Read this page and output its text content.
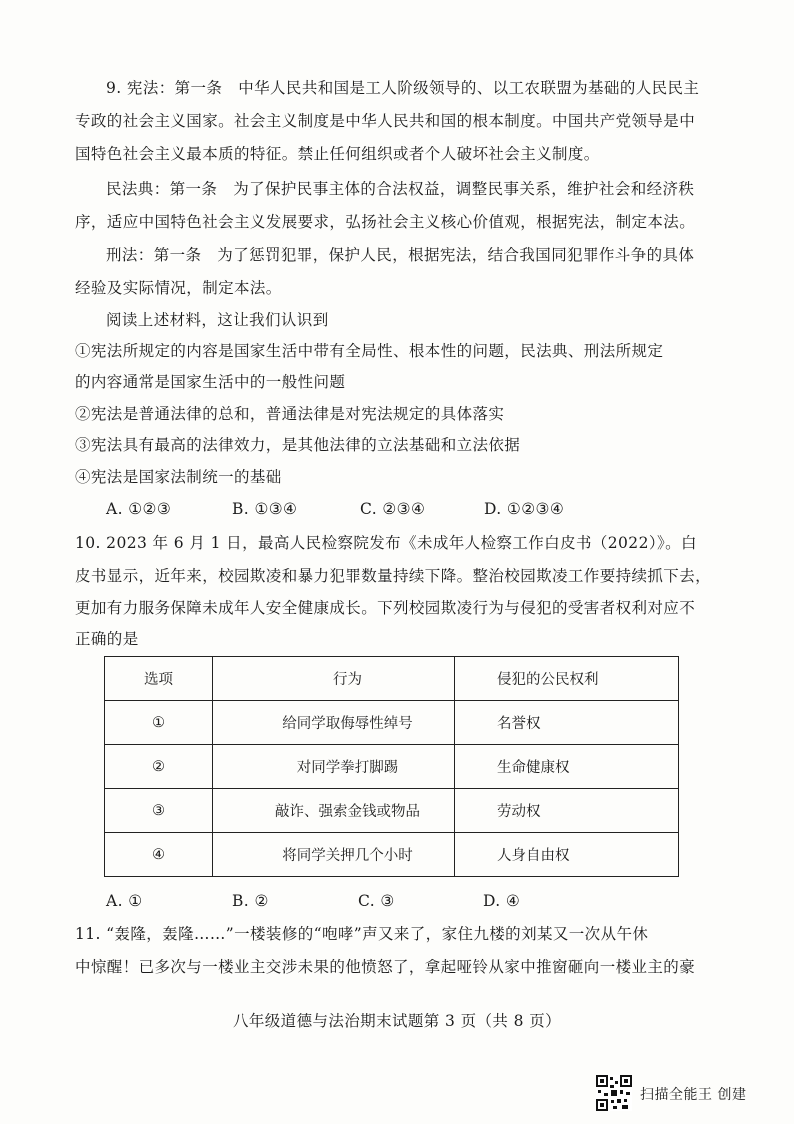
9. 宪法：第一条　中华人民共和国是工人阶级领导的、以工农联盟为基础的人民民主
专政的社会主义国家。社会主义制度是中华人民共和国的根本制度。中国共产党领导是中
国特色社会主义最本质的特征。禁止任何组织或者个人破坏社会主义制度。
民法典：第一条　为了保护民事主体的合法权益，调整民事关系，维护社会和经济秩
序，适应中国特色社会主义发展要求，弘扬社会主义核心价值观，根据宪法，制定本法。
刑法：第一条　为了惩罚犯罪，保护人民，根据宪法，结合我国同犯罪作斗争的具体
经验及实际情况，制定本法。
阅读上述材料，这让我们认识到
①宪法所规定的内容是国家生活中带有全局性、根本性的问题，民法典、刑法所规定
的内容通常是国家生活中的一般性问题
②宪法是普通法律的总和，普通法律是对宪法规定的具体落实
③宪法具有最高的法律效力，是其他法律的立法基础和立法依据
④宪法是国家法制统一的基础
A. ①②③	B. ①③④	C. ②③④	D. ①②③④
10. 2023 年 6 月 1 日，最高人民检察院发布《未成年人检察工作白皮书（2022）》。白
皮书显示，近年来，校园欺凌和暴力犯罪数量持续下降。整治校园欺凌工作要持续抓下去，
更加有力服务保障未成年人安全健康成长。下列校园欺凌行为与侵犯的受害者权利对应不
正确的是
选项	行为	侵犯的公民权利
①	给同学取侮辱性绰号	名誉权
②	对同学拳打脚踢	生命健康权
③	敲诈、强索金钱或物品	劳动权
④	将同学关押几个小时	人身自由权
A. ①	B. ②	C. ③	D. ④
11. “轰隆，轰隆……”一楼装修的“咆哮”声又来了，家住九楼的刘某又一次从午休
中惊醒！已多次与一楼业主交涉未果的他愤怒了，拿起哑铃从家中推窗砸向一楼业主的豪
八年级道德与法治期末试题第 3 页（共 8 页）
扫描全能王 创建
